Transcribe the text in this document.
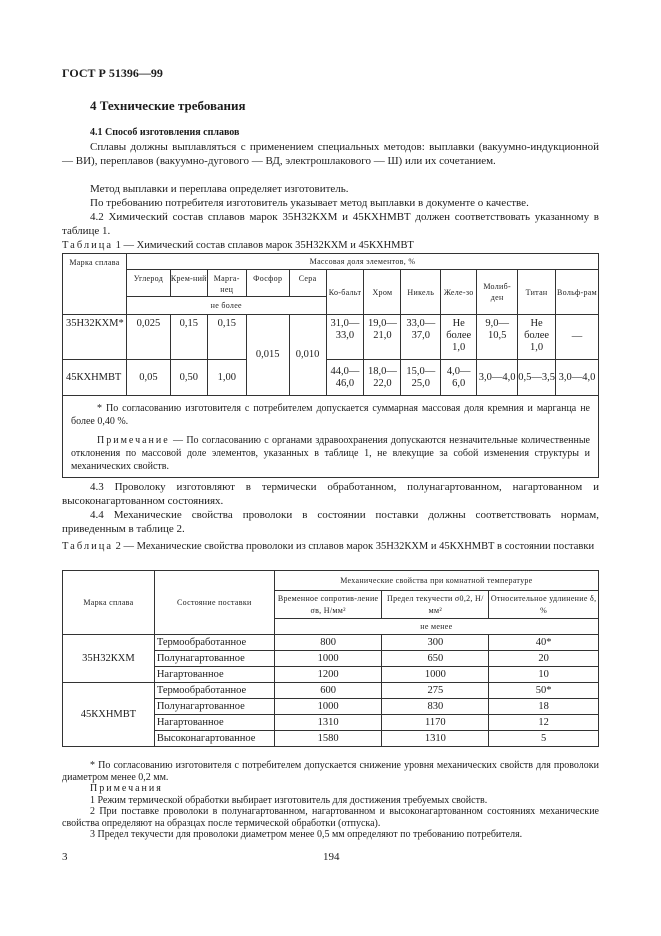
ГОСТ Р 51396—99
4 Технические требования
4.1 Способ изготовления сплавов
Сплавы должны выплавляться с применением специальных методов: выплавки (вакуумно-индукционной — ВИ), переплавов (вакуумно-дугового — ВД, электрошлакового — Ш) или их сочетанием.
Метод выплавки и переплава определяет изготовитель.
По требованию потребителя изготовитель указывает метод выплавки в документе о качестве.
4.2 Химический состав сплавов марок 35Н32КХМ и 45КХНМВТ должен соответствовать указанному в таблице 1.
Таблица 1 — Химический состав сплавов марок 35Н32КХМ и 45КХНМВТ
Марка сплава	Массовая доля элементов, %											
	Углерод	Крем-ний	Марга-нец	Фосфор	Сера	Ко-бальт	Хром	Никель	Желе-зо	Молиб-ден	Титан	Вольф-рам
	не более											
35Н32КХМ*	0,025	0,15	0,15	0,015	0,010	31,0—33,0	19,0—21,0	33,0—37,0	Не более 1,0	9,0—10,5	Не более 1,0	—
45КХНМВТ	0,05	0,50	1,00			44,0—46,0	18,0—22,0	15,0—25,0	4,0—6,0	3,0—4,0	0,5—3,5	3,0—4,0

* По согласованию изготовителя с потребителем допускается суммарная массовая доля кремния и марганца не более 0,40 %.

Примечание — По согласованию с органами здравоохранения допускаются незначительные количественные отклонения по массовой доле элементов, указанных в таблице 1, не влекущие за собой изменения структуры и механических свойств.												

4.3 Проволоку изготовляют в термически обработанном, полунагартованном, нагартованном и высоконагартованном состояниях.
4.4 Механические свойства проволоки в состоянии поставки должны соответствовать нормам, приведенным в таблице 2.
Таблица 2 — Механические свойства проволоки из сплавов марок 35Н32КХМ и 45КХНМВТ в состоянии поставки
Марка сплава	Состояние поставки	Механические свойства при комнатной температуре		
		Временное сопротив-ление σв, Н/мм²	Предел текучести σ0,2, Н/мм²	Относительное удлинение δ, %
		не менее		
35Н32КХМ	Термообработанное	800	300	40*
	Полунагартованное	1000	650	20
	Нагартованное	1200	1000	10
45КХНМВТ	Термообработанное	600	275	50*
	Полунагартованное	1000	830	18
	Нагартованное	1310	1170	12
	Высоконагартованное	1580	1310	5
* По согласованию изготовителя с потребителем допускается снижение уровня механических свойств для проволоки диаметром менее 0,2 мм.
Примечания
1 Режим термической обработки выбирает изготовитель для достижения требуемых свойств.
2 При поставке проволоки в полунагартованном, нагартованном и высоконагартованном состояниях механические свойства определяют на образцах после термической обработки (отпуска).
3 Предел текучести для проволоки диаметром менее 0,5 мм определяют по требованию потребителя.
3	194
